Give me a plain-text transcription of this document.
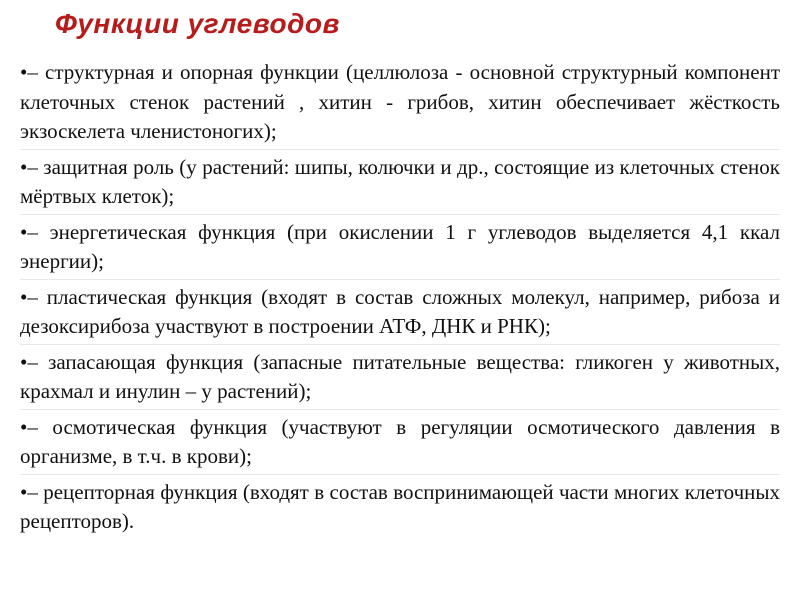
Функции углеводов
•– структурная и опорная функции (целлюлоза - основной структурный компонент клеточных стенок растений , хитин - грибов, хитин обеспечивает жёсткость экзоскелета членистоногих);
•– защитная роль (у растений: шипы, колючки и др., состоящие из клеточных стенок мёртвых клеток);
•– энергетическая функция (при окислении 1 г углеводов выделяется 4,1 ккал энергии);
•– пластическая функция (входят в состав сложных молекул, например, рибоза и дезоксирибоза участвуют в построении АТФ, ДНК и РНК);
•– запасающая функция (запасные питательные вещества: гликоген у животных, крахмал и инулин – у растений);
•– осмотическая функция (участвуют в регуляции осмотического давления в организме, в т.ч. в крови);
•– рецепторная функция (входят в состав воспринимающей части многих клеточных рецепторов).
